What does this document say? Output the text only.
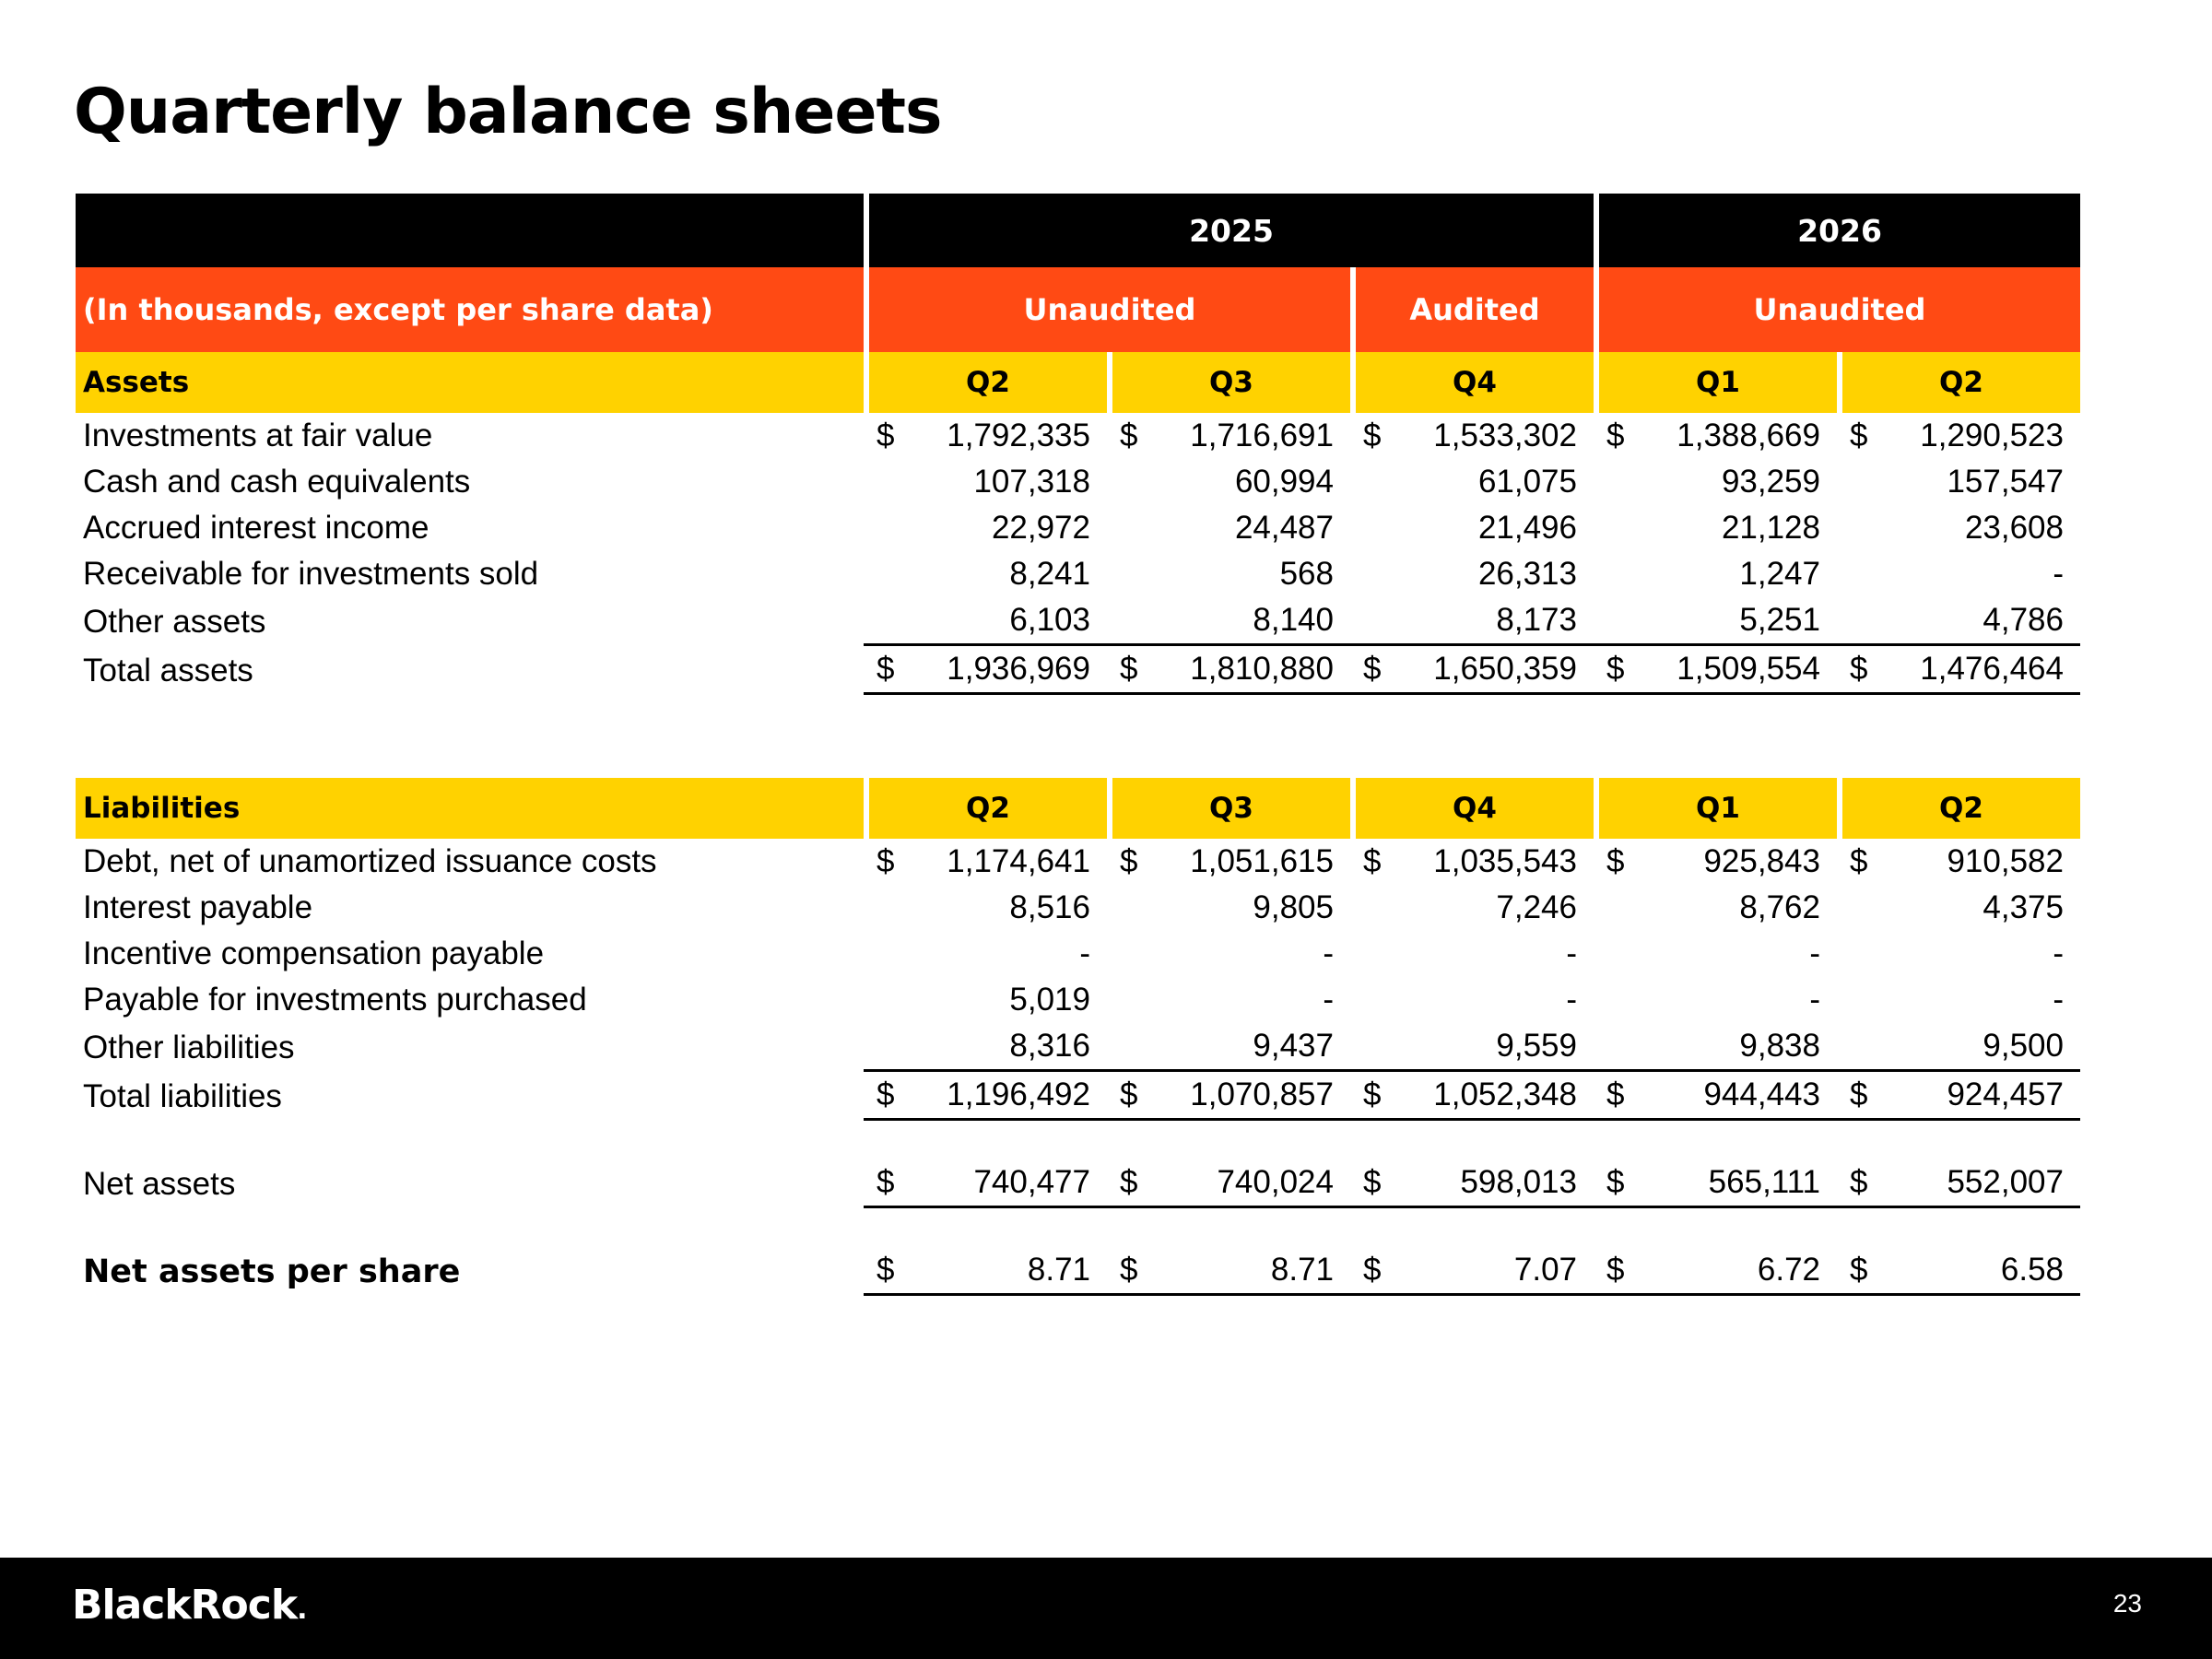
Quarterly balance sheets
	2025						2026			
(In thousands, except per share data)	Unaudited				Audited		Unaudited			
Assets	Q2		Q3		Q4		Q1		Q2	
Investments at fair value	$	1,792,335	$	1,716,691	$	1,533,302	$	1,388,669	$	1,290,523
Cash and cash equivalents		107,318		60,994		61,075		93,259		157,547
Accrued interest income		22,972		24,487		21,496		21,128		23,608
Receivable for investments sold		8,241		568		26,313		1,247		-
Other assets		6,103		8,140		8,173		5,251		4,786
Total assets	$	1,936,969	$	1,810,880	$	1,650,359	$	1,509,554	$	1,476,464

Liabilities	Q2		Q3		Q4		Q1		Q2	
Debt, net of unamortized issuance costs	$	1,174,641	$	1,051,615	$	1,035,543	$	925,843	$	910,582
Interest payable		8,516		9,805		7,246		8,762		4,375
Incentive compensation payable		-		-		-		-		-
Payable for investments purchased		5,019		-		-		-		-
Other liabilities		8,316		9,437		9,559		9,838		9,500
Total liabilities	$	1,196,492	$	1,070,857	$	1,052,348	$	944,443	$	924,457

Net assets	$	740,477	$	740,024	$	598,013	$	565,111	$	552,007

Net assets per share	$	8.71	$	8.71	$	7.07	$	6.72	$	6.58
BlackRock.	23
